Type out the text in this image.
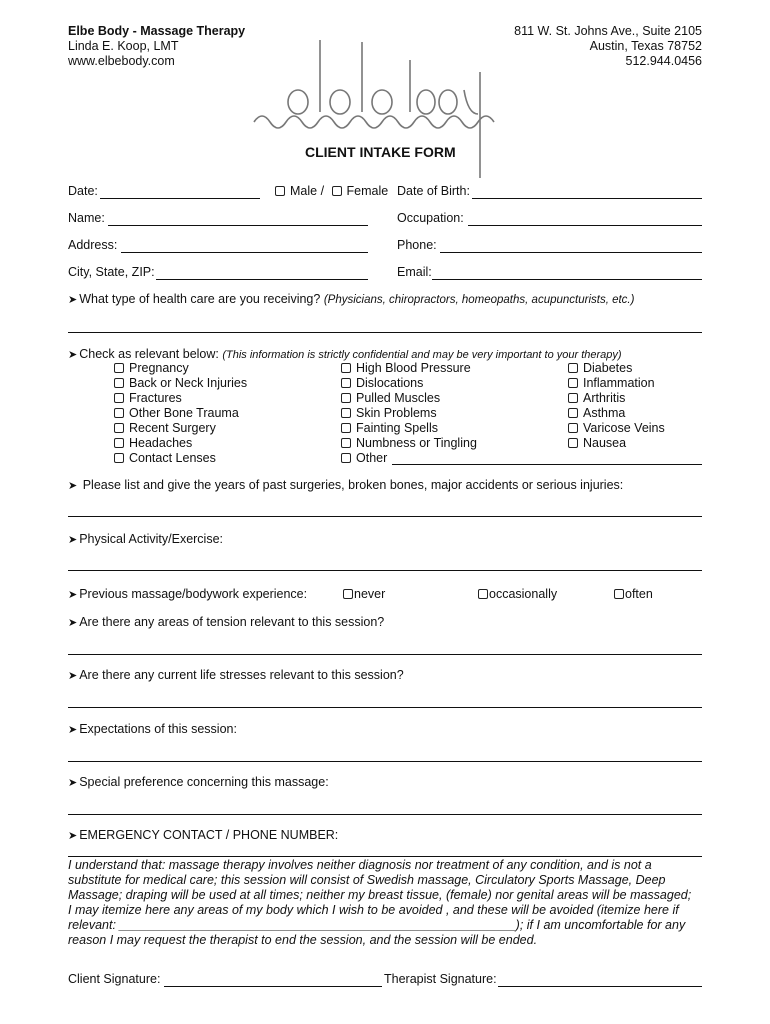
Elbe Body - Massage Therapy
Linda E. Koop, LMT
www.elbebody.com
811 W. St. Johns Ave., Suite 2105
Austin, Texas 78752
512.944.0456
elbe body
CLIENT INTAKE FORM
Date:	Male / Female Date of Birth:
Name:	Occupation:
Address:	Phone:
City, State, ZIP:	Email:
➤ What type of health care are you receiving? (Physicians, chiropractors, homeopaths, acupuncturists, etc.)
➤ Check as relevant below: (This information is strictly confidential and may be very important to your therapy)
Pregnancy
Back or Neck Injuries
Fractures
Other Bone Trauma
Recent Surgery
Headaches
Contact Lenses
High Blood Pressure
Dislocations
Pulled Muscles
Skin Problems
Fainting Spells
Numbness or Tingling
Other
Diabetes
Inflammation
Arthritis
Asthma
Varicose Veins
Nausea
➤ Please list and give the years of past surgeries, broken bones, major accidents or serious injuries:
➤ Physical Activity/Exercise:
➤ Previous massage/bodywork experience:	never	occasionally	often
➤ Are there any areas of tension relevant to this session?
➤ Are there any current life stresses relevant to this session?
➤ Expectations of this session:
➤ Special preference concerning this massage:
➤ EMERGENCY CONTACT / PHONE NUMBER:
I understand that: massage therapy involves neither diagnosis nor treatment of any condition, and is not a
substitute for medical care; this session will consist of Swedish massage, Circulatory Sports Massage, Deep
Massage; draping will be used at all times; neither my breast tissue, (female) nor genital areas will be massaged;
I may itemize here any areas of my body which I wish to be avoided , and these will be avoided (itemize here if
relevant: _________________________________________________________); if I am uncomfortable for any
reason I may request the therapist to end the session, and the session will be ended.
Client Signature:	Therapist Signature:
